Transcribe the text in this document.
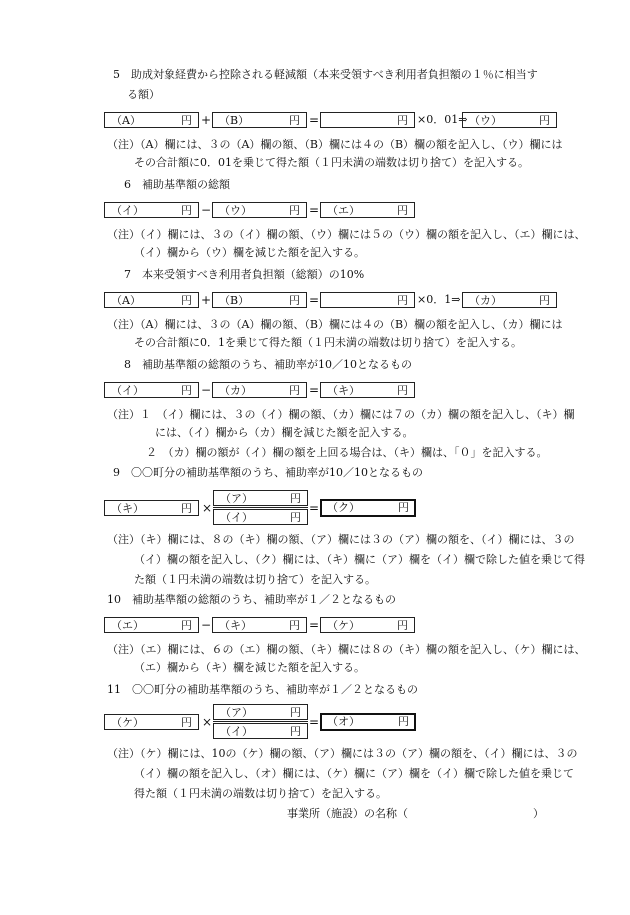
5　助成対象経費から控除される軽減額（本来受領すべき利用者負担額の１％に相当す
る額）
（A）	円 + （B）	円 =	円 ×0．01⇒ （ウ）	円
（注）（A）欄には、３の（A）欄の額、（B）欄には４の（B）欄の額を記入し、（ウ）欄には
その合計額に0．01を乗じて得た額（１円未満の端数は切り捨て）を記入する。
6　補助基準額の総額
（イ）	円 − （ウ）	円 = （エ）	円
（注）（イ）欄には、３の（イ）欄の額、（ウ）欄には５の（ウ）欄の額を記入し、（エ）欄には、
（イ）欄から（ウ）欄を減じた額を記入する。
7　本来受領すべき利用者負担額（総額）の10%
（A）	円 + （B）	円 =	円 ×0．1⇒ （カ）	円
（注）（A）欄には、３の（A）欄の額、（B）欄には４の（B）欄の額を記入し、（カ）欄には
その合計額に0．1を乗じて得た額（１円未満の端数は切り捨て）を記入する。
8　補助基準額の総額のうち、補助率が10／10となるもの
（イ）	円 − （カ）	円 = （キ）	円
（注）１　（イ）欄には、３の（イ）欄の額、（カ）欄には７の（カ）欄の額を記入し、（キ）欄
には、（イ）欄から（カ）欄を減じた額を記入する。
２　（カ）欄の額が（イ）欄の額を上回る場合は、（キ）欄は、「０」を記入する。
9　〇〇町分の補助基準額のうち、補助率が10／10となるもの
（キ）	円 ×
（ア）	円
（イ）	円
= （ク）	円
（注）（キ）欄には、８の（キ）欄の額、（ア）欄には３の（ア）欄の額を、（イ）欄には、３の
（イ）欄の額を記入し、（ク）欄には、（キ）欄に（ア）欄を（イ）欄で除した値を乗じて得
た額（１円未満の端数は切り捨て）を記入する。
10　補助基準額の総額のうち、補助率が１／２となるもの
（エ）	円 − （キ）	円 = （ケ）	円
（注）（エ）欄には、６の（エ）欄の額、（キ）欄には８の（キ）欄の額を記入し、（ケ）欄には、
（エ）欄から（キ）欄を減じた額を記入する。
11　〇〇町分の補助基準額のうち、補助率が１／２となるもの
（ケ）	円 ×
（ア）	円
（イ）	円
= （オ）	円
（注）（ケ）欄には、10の（ケ）欄の額、（ア）欄には３の（ア）欄の額を、（イ）欄には、３の
（イ）欄の額を記入し、（オ）欄には、（ケ）欄に（ア）欄を（イ）欄で除した値を乗じて
得た額（１円未満の端数は切り捨て）を記入する。
事業所（施設）の名称（	）
